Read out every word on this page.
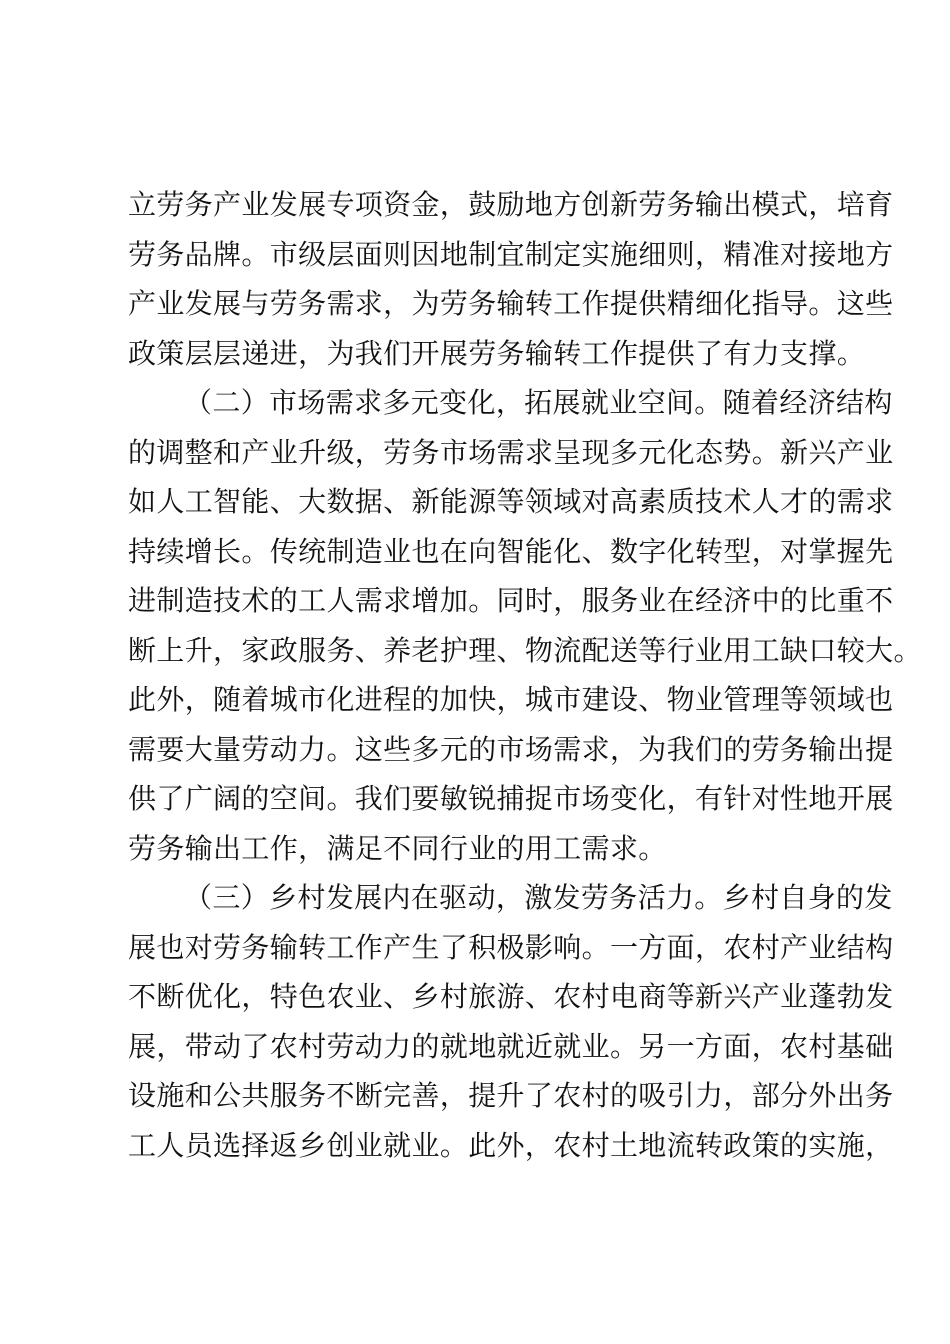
立劳务产业发展专项资金，鼓励地方创新劳务输出模式，培育
劳务品牌。市级层面则因地制宜制定实施细则，精准对接地方
产业发展与劳务需求，为劳务输转工作提供精细化指导。这些
政策层层递进，为我们开展劳务输转工作提供了有力支撑。
（二）市场需求多元变化，拓展就业空间。随着经济结构
的调整和产业升级，劳务市场需求呈现多元化态势。新兴产业
如人工智能、大数据、新能源等领域对高素质技术人才的需求
持续增长。传统制造业也在向智能化、数字化转型，对掌握先
进制造技术的工人需求增加。同时，服务业在经济中的比重不
断上升，家政服务、养老护理、物流配送等行业用工缺口较大。
此外，随着城市化进程的加快，城市建设、物业管理等领域也
需要大量劳动力。这些多元的市场需求，为我们的劳务输出提
供了广阔的空间。我们要敏锐捕捉市场变化，有针对性地开展
劳务输出工作，满足不同行业的用工需求。
（三）乡村发展内在驱动，激发劳务活力。乡村自身的发
展也对劳务输转工作产生了积极影响。一方面，农村产业结构
不断优化，特色农业、乡村旅游、农村电商等新兴产业蓬勃发
展，带动了农村劳动力的就地就近就业。另一方面，农村基础
设施和公共服务不断完善，提升了农村的吸引力，部分外出务
工人员选择返乡创业就业。此外，农村土地流转政策的实施，
